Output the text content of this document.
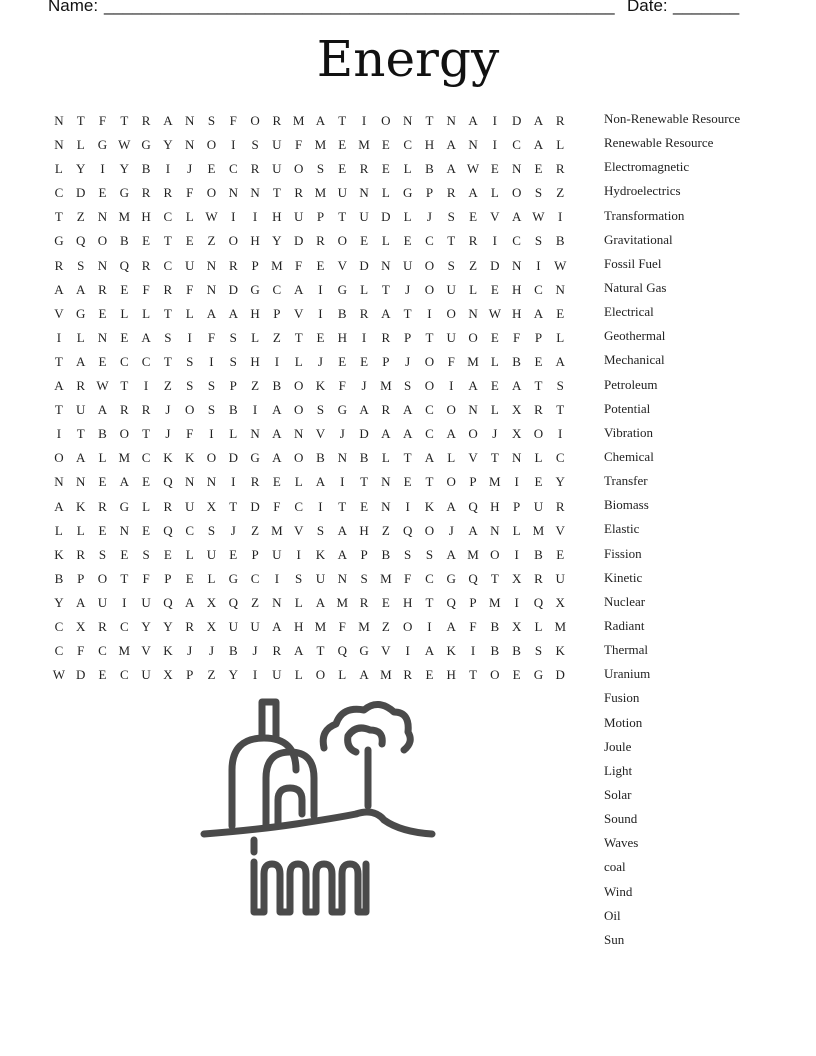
Name: ______________________________________________________ Date: _______
Energy
N	T	F	T	R A N	S	F	O R M A	T	I	O N	T	N A	I	D A R
N	L	G W G Y N O	I	S	U	F M E M E	C H A N	I	C A	L
L	Y	I	Y B	I	J	E	C	R U O	S	E	R	E	L	B A W E	N	E	R
C D	E	G R	R	F	O N N	T	R M U N	L	G	P	R A	L	O	S	Z
T	Z	N M H C	L W	I	I	H U	P	T	U D	L	J	S	E	V A W	I
G Q O B	E	T	E	Z	O H Y D R O	E	L	E	C	T	R	I	C	S	B
R	S	N Q R	C U N R	P M F	E	V D N U O	S	Z	D N	I	W
A A R	E	F	R	F	N D G C A	I	G	L	T	J	O U	L	E	H C N
V G	E	L	L	T	L	A A H	P	V	I	B	R A	T	I	O N W H A	E
I	L	N	E	A	S	I	F	S	L	Z	T	E	H	I	R	P	T	U O	E	F	P	L
T	A	E	C	C	T	S	I	S	H	I	L	J	E	E	P	J	O	F M L	B	E	A
A R W T	I	Z	S	S	P	Z	B O K	F	J	M S	O	I	A	E	A	T	S
T	U A R	R	J	O	S	B	I	A O	S	G A R A C O N	L	X R	T
I	T	B O	T	J	F	I	L	N A N V	J	D A A C A O	J	X O	I
O A	L M C K K O D G A O B N B	L	T	A	L	V	T	N	L	C
N N	E	A	E	Q N N	I	R	E	L	A	I	T	N	E	T	O	P M	I	E	Y
A K R G	L	R U X	T	D	F	C	I	T	E	N	I	K A Q H	P	U R
L	L	E	N	E	Q C	S	J	Z M V	S	A H	Z	Q O	J	A N	L M V
K R	S	E	S	E	L	U	E	P	U	I	K A	P	B	S	S	A M O	I	B	E
B	P	O	T	F	P	E	L	G C	I	S	U N	S M F	C G Q	T	X R U
Y A U	I	U Q A X Q	Z	N	L	A M R	E	H	T	Q	P M	I	Q X
C X R	C Y Y R X U U A H M F M Z	O	I	A	F	B X	L M
C	F	C M V K	J	J	B	J	R A	T	Q G V	I	A K	I	B	B	S	K
W D	E	C U X	P	Z	Y	I	U	L	O	L	A M R	E	H	T	O	E	G D
Non-Renewable Resource
Renewable Resource
Electromagnetic
Hydroelectrics
Transformation
Gravitational
Fossil Fuel
Natural Gas
Electrical
Geothermal
Mechanical
Petroleum
Potential
Vibration
Chemical
Transfer
Biomass
Elastic
Fission
Kinetic
Nuclear
Radiant
Thermal
Uranium
Fusion
Motion
Joule
Light
Solar
Sound
Waves
coal
Wind
Oil
Sun
